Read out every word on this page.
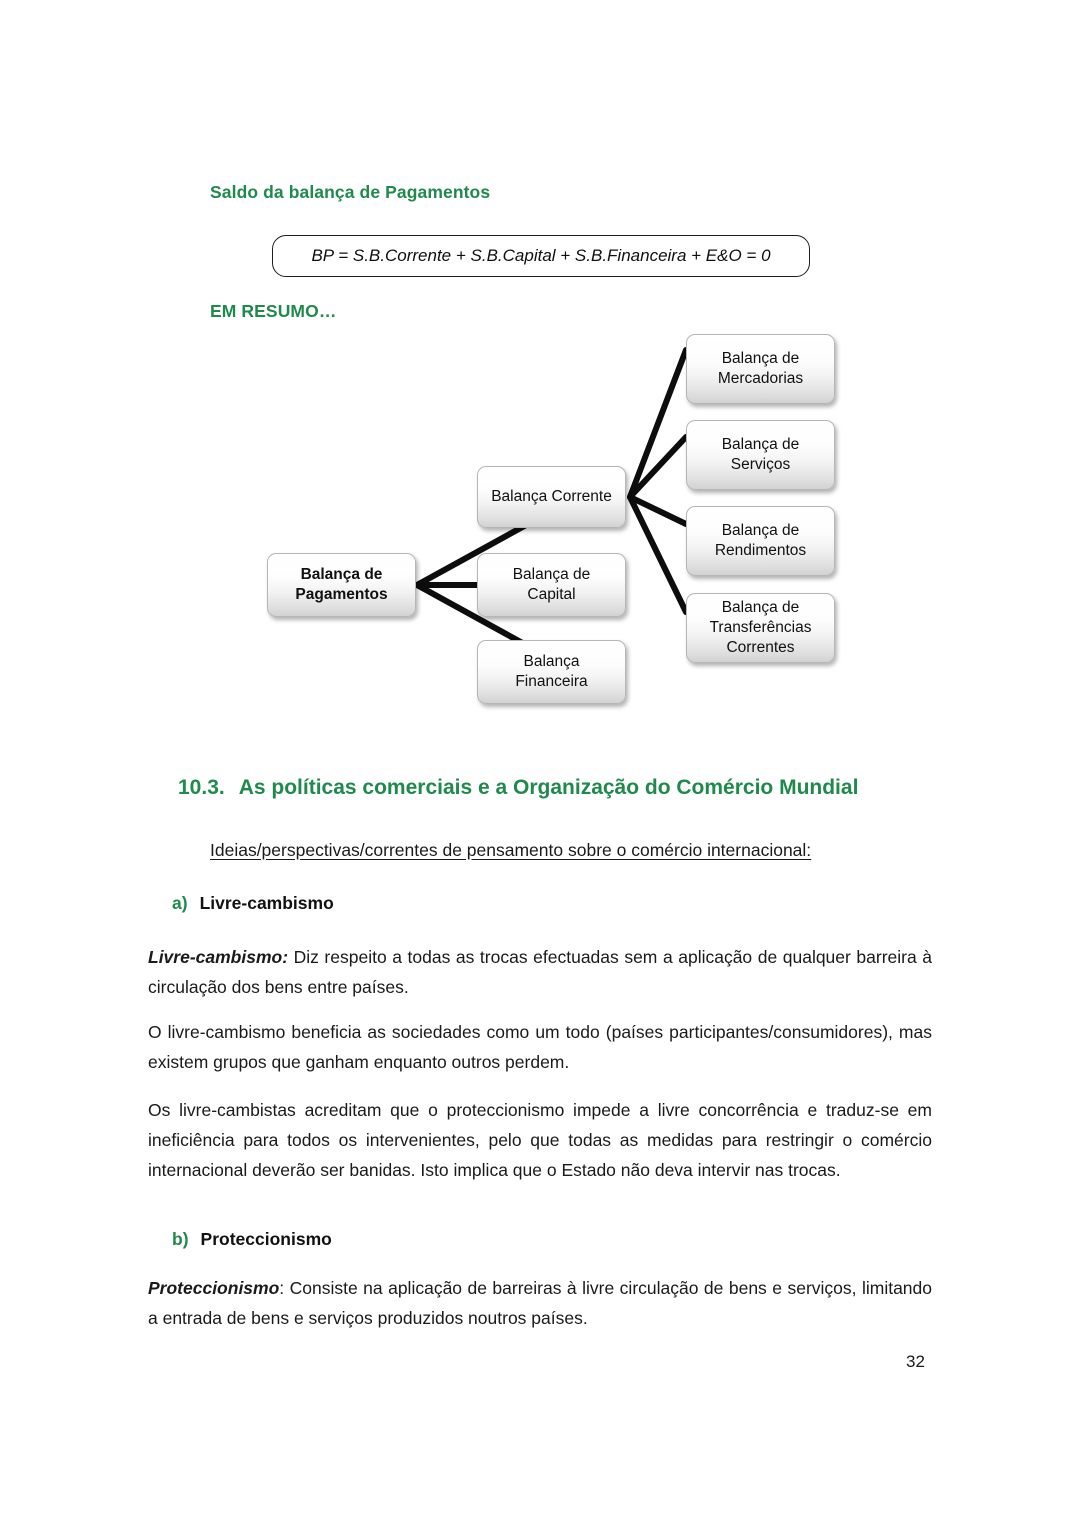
Saldo da balança de Pagamentos
BP = S.B.Corrente + S.B.Capital + S.B.Financeira + E&O = 0
EM RESUMO…
Balança de
Pagamentos
Balança Corrente
Balança de
Capital
Balança
Financeira
Balança de
Mercadorias
Balança de
Serviços
Balança de
Rendimentos
Balança de
Transferências
Correntes
10.3. As políticas comerciais e a Organização do Comércio Mundial
Ideias/perspectivas/correntes de pensamento sobre o comércio internacional:
a) Livre-cambismo
Livre-cambismo: Diz respeito a todas as trocas efectuadas sem a aplicação de qualquer barreira à circulação dos bens entre países.
O livre-cambismo beneficia as sociedades como um todo (países participantes/consumidores), mas existem grupos que ganham enquanto outros perdem.
Os livre-cambistas acreditam que o proteccionismo impede a livre concorrência e traduz-se em ineficiência para todos os intervenientes, pelo que todas as medidas para restringir o comércio internacional deverão ser banidas. Isto implica que o Estado não deva intervir nas trocas.
b) Proteccionismo
Proteccionismo: Consiste na aplicação de barreiras à livre circulação de bens e serviços, limitando a entrada de bens e serviços produzidos noutros países.
32
